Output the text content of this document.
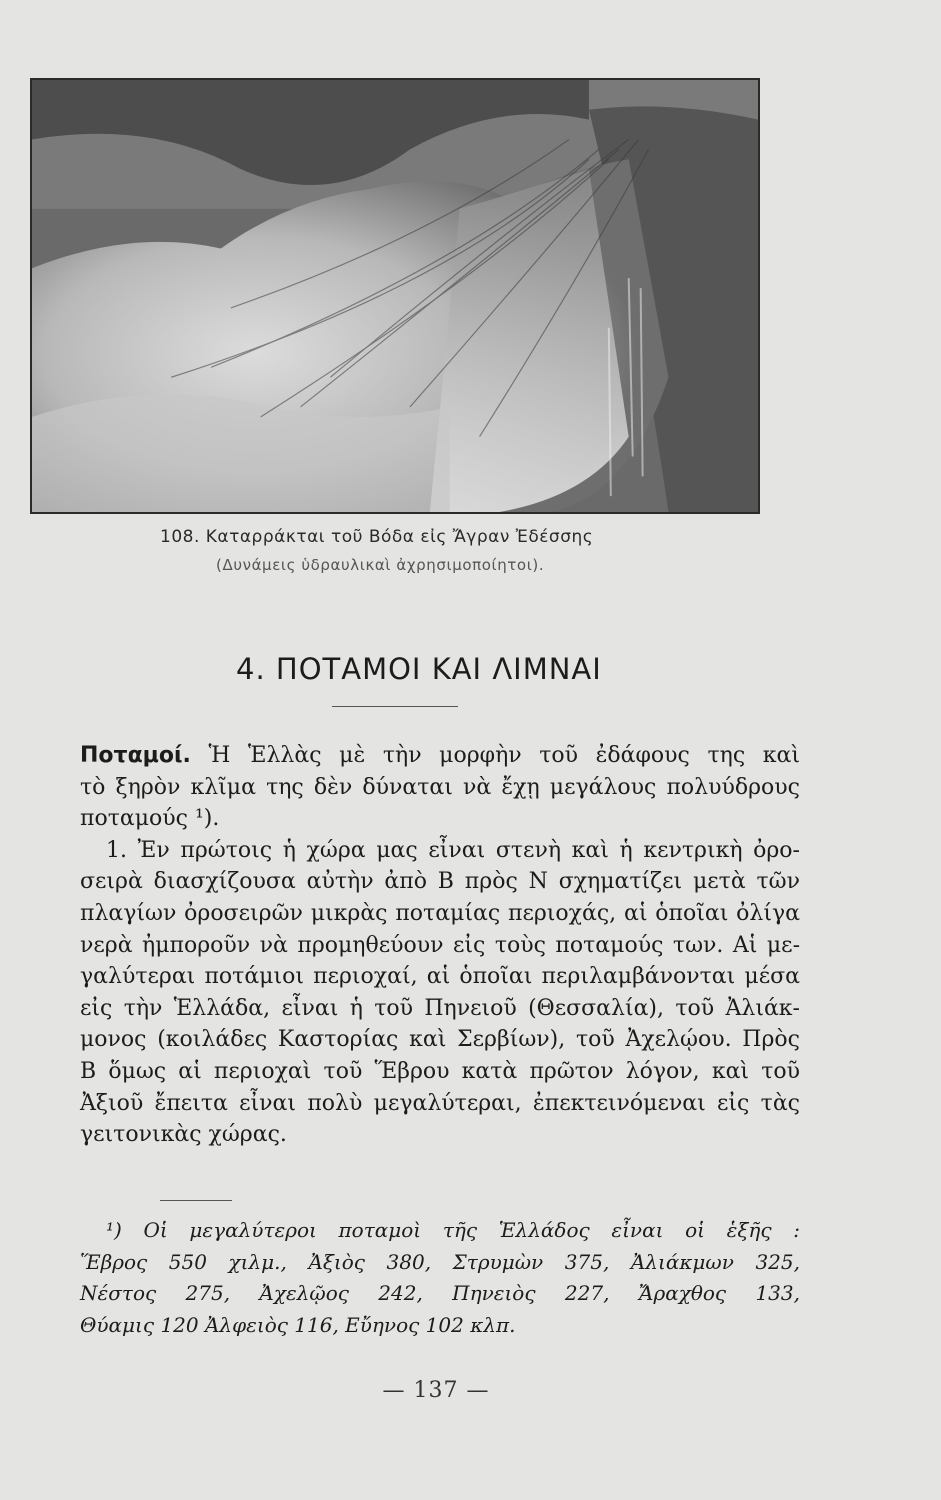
108. Καταρράκται τοῦ Βόδα εἰς Ἄγραν Ἐδέσσης
(Δυνάμεις ὑδραυλικαὶ ἀχρησιμοποίητοι).
4. ΠΟΤΑΜΟΙ ΚΑΙ ΛΙΜΝΑΙ
Ποταμοί. Ἡ Ἑλλὰς μὲ τὴν μορφὴν τοῦ ἐδάφους της καὶ
τὸ ξηρὸν κλῖμα της δὲν δύναται νὰ ἔχῃ μεγάλους πολυύδρους
ποταμούς ¹).
1. Ἐν πρώτοις ἡ χώρα μας εἶναι στενὴ καὶ ἡ κεντρικὴ ὀρο-
σειρὰ διασχίζουσα αὐτὴν ἀπὸ Β πρὸς Ν σχηματίζει μετὰ τῶν
πλαγίων ὀροσειρῶν μικρὰς ποταμίας περιοχάς, αἱ ὁποῖαι ὀλίγα
νερὰ ἠμποροῦν νὰ προμηθεύουν εἰς τοὺς ποταμούς των. Αἱ με-
γαλύτεραι ποτάμιοι περιοχαί, αἱ ὁποῖαι περιλαμβάνονται μέσα
εἰς τὴν Ἑλλάδα, εἶναι ἡ τοῦ Πηνειοῦ (Θεσσαλία), τοῦ Ἀλιάκ-
μονος (κοιλάδες Καστορίας καὶ Σερβίων), τοῦ Ἀχελῴου. Πρὸς
Β ὅμως αἱ περιοχαὶ τοῦ Ἕβρου κατὰ πρῶτον λόγον, καὶ τοῦ
Ἀξιοῦ ἔπειτα εἶναι πολὺ μεγαλύτεραι, ἐπεκτεινόμεναι εἰς τὰς
γειτονικὰς χώρας.
¹) Οἱ μεγαλύτεροι ποταμοὶ τῆς Ἑλλάδος εἶναι οἱ ἑξῆς :
Ἕβρος 550 χιλμ., Ἀξιὸς 380, Στρυμὼν 375, Ἀλιάκμων 325,
Νέστος 275, Ἀχελῷος 242, Πηνειὸς 227, Ἄραχθος 133,
Θύαμις 120 Ἀλφειὸς 116, Εὔηνος 102 κλπ.
— 137 —
